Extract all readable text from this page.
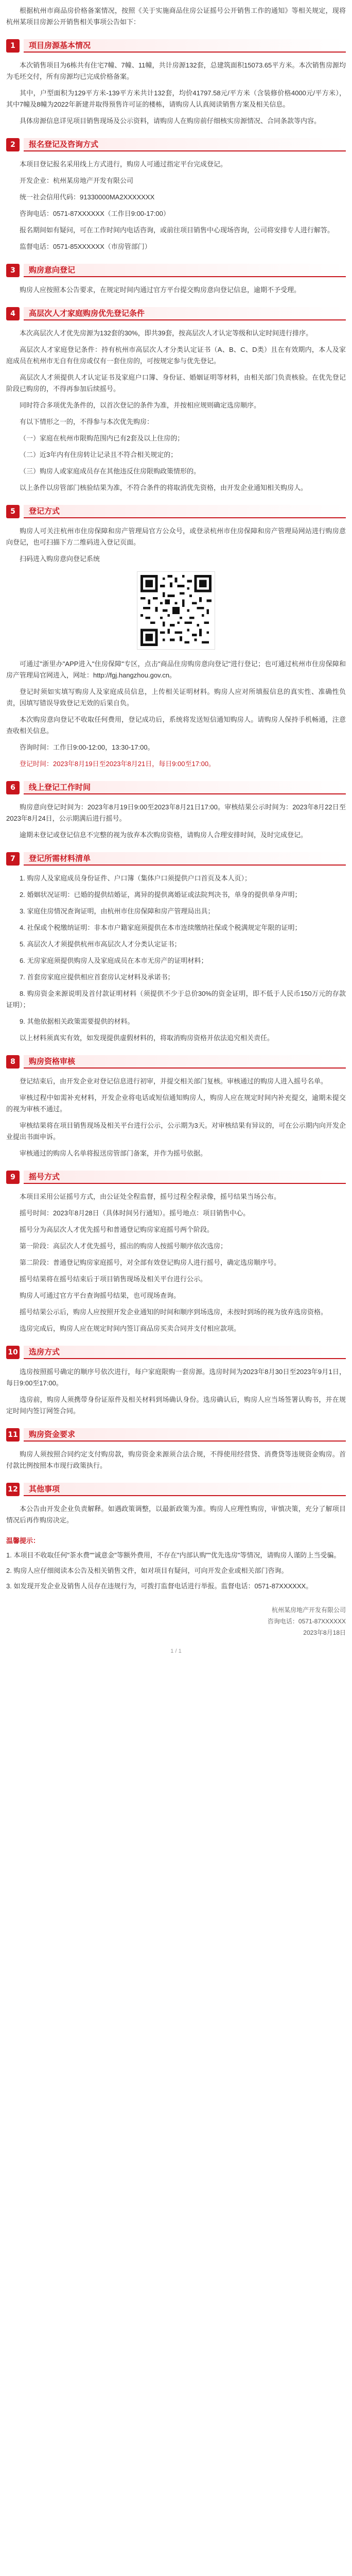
根据杭州市商品房价格备案情况，按照《关于实施商品住房公证摇号公开销售工作的通知》等相关规定，现将杭州某项目房源公开销售相关事项公告如下：

1	项目房源基本情况

本次销售项目为6栋共有住宅7幢、7幢、11幢，共计房源132套，总建筑面积15073.65平方米。本次销售房源均为毛坯交付，所有房源均已完成价格备案。

其中，户型面积为129平方米-139平方米共计132套，均价41797.58元/平方米（含装修价格4000元/平方米），其中7幢及8幢为2022年新建并取得预售许可证的楼栋，请购房人认真阅读销售方案及相关信息。

具体房源信息详见项目销售现场及公示资料，请购房人在购房前仔细核实房源情况、合同条款等内容。

2	报名登记及咨询方式

本项目登记报名采用线上方式进行，购房人可通过指定平台完成登记。

开发企业：杭州某房地产开发有限公司

统一社会信用代码：91330000MA2XXXXXXX

咨询电话：0571-87XXXXXX（工作日9:00-17:00）

报名期间如有疑问，可在工作时间内电话咨询，或前往项目销售中心现场咨询，公司将安排专人进行解答。

监督电话：0571-85XXXXXX（市房管部门）

3	购房意向登记

购房人应按照本公告要求，在规定时间内通过官方平台提交购房意向登记信息，逾期不予受理。

4	高层次人才家庭购房优先登记条件

本次高层次人才优先房源为132套的30%，即共39套，按高层次人才认定等级和认定时间进行排序。

高层次人才家庭登记条件：持有杭州市高层次人才分类认定证书（A、B、C、D类）且在有效期内，本人及家庭成员在杭州市无自有住房或仅有一套住房的，可按规定参与优先登记。

高层次人才须提供人才认定证书及家庭户口簿、身份证、婚姻证明等材料，由相关部门负责核验。在优先登记阶段已购房的，不得再参加后续摇号。

同时符合多项优先条件的，以首次登记的条件为准，并按相应规则确定选房顺序。

有以下情形之一的，不得参与本次优先购房：

（一）家庭在杭州市限购范围内已有2套及以上住房的；

（二）近3年内有住房转让记录且不符合相关规定的；

（三）购房人或家庭成员存在其他违反住房限购政策情形的。

以上条件以房管部门核验结果为准，不符合条件的将取消优先资格，由开发企业通知相关购房人。

5	登记方式

购房人可关注杭州市住房保障和房产管理局官方公众号，或登录杭州市住房保障和房产管理局网站进行购房意向登记，也可扫描下方二维码进入登记页面。

扫码进入购房意向登记系统

可通过"浙里办"APP进入"住房保障"专区，点击"商品住房购房意向登记"进行登记；也可通过杭州市住房保障和房产管理局官网进入，网址：http://fgj.hangzhou.gov.cn。

登记时须如实填写购房人及家庭成员信息，上传相关证明材料。购房人应对所填报信息的真实性、准确性负责，因填写错误导致登记无效的后果自负。

本次购房意向登记不收取任何费用，登记成功后，系统将发送短信通知购房人。请购房人保持手机畅通，注意查收相关信息。

咨询时间：工作日9:00-12:00，13:30-17:00。

登记时间：2023年8月19日至2023年8月21日，每日9:00至17:00。

6	线上登记工作时间

购房意向登记时间为：2023年8月19日9:00至2023年8月21日17:00。审核结果公示时间为：2023年8月22日至2023年8月24日，公示期满后进行摇号。

逾期未登记或登记信息不完整的视为放弃本次购房资格，请购房人合理安排时间，及时完成登记。

7	登记所需材料清单

1. 购房人及家庭成员身份证件、户口簿（集体户口须提供户口首页及本人页）；

2. 婚姻状况证明：已婚的提供结婚证，离异的提供离婚证或法院判决书，单身的提供单身声明；

3. 家庭住房情况查询证明，由杭州市住房保障和房产管理局出具；

4. 社保或个税缴纳证明：非本市户籍家庭须提供在本市连续缴纳社保或个税满规定年限的证明；

5. 高层次人才须提供杭州市高层次人才分类认定证书；

6. 无房家庭须提供购房人及家庭成员在本市无房产的证明材料；

7. 首套房家庭应提供相应首套房认定材料及承诺书；

8. 购房资金来源说明及首付款证明材料（须提供不少于总价30%的资金证明，即不低于人民币150万元的存款证明）；

9. 其他依据相关政策需要提供的材料。

以上材料须真实有效，如发现提供虚假材料的，将取消购房资格并依法追究相关责任。

8	购房资格审核

登记结束后，由开发企业对登记信息进行初审，并提交相关部门复核。审核通过的购房人进入摇号名单。

审核过程中如需补充材料，开发企业将电话或短信通知购房人，购房人应在规定时间内补充提交，逾期未提交的视为审核不通过。

审核结果将在项目销售现场及相关平台进行公示，公示期为3天。对审核结果有异议的，可在公示期内向开发企业提出书面申诉。

审核通过的购房人名单将报送房管部门备案，并作为摇号依据。

9	摇号方式

本项目采用公证摇号方式，由公证处全程监督，摇号过程全程录像，摇号结果当场公布。

摇号时间：2023年8月28日（具体时间另行通知）。摇号地点：项目销售中心。

摇号分为高层次人才优先摇号和普通登记购房家庭摇号两个阶段。

第一阶段：高层次人才优先摇号，摇出的购房人按摇号顺序依次选房；

第二阶段：普通登记购房家庭摇号，对全部有效登记购房人进行摇号，确定选房顺序号。

摇号结果将在摇号结束后于项目销售现场及相关平台进行公示。

购房人可通过官方平台查询摇号结果，也可现场查询。

摇号结果公示后，购房人应按照开发企业通知的时间和顺序到场选房，未按时到场的视为放弃选房资格。

选房完成后，购房人应在规定时间内签订商品房买卖合同并支付相应款项。

10	选房方式

选房按照摇号确定的顺序号依次进行，每户家庭限购一套房源。选房时间为2023年8月30日至2023年9月1日，每日9:00至17:00。

选房前，购房人须携带身份证原件及相关材料到场确认身份。选房确认后，购房人应当场签署认购书，并在规定时间内签订网签合同。

11	购房资金要求

购房人须按照合同约定支付购房款，购房资金来源须合法合规，不得使用经营贷、消费贷等违规资金购房。首付款比例按照本市现行政策执行。

12	其他事项

本公告由开发企业负责解释。如遇政策调整，以最新政策为准。购房人应理性购房，审慎决策，充分了解项目情况后再作购房决定。

温馨提示：

1. 本项目不收取任何"茶水费""诚意金"等额外费用，不存在"内部认购""优先选房"等情况，请购房人谨防上当受骗。

2. 购房人应仔细阅读本公告及相关销售文件，如对项目有疑问，可向开发企业或相关部门咨询。

3. 如发现开发企业及销售人员存在违规行为，可拨打监督电话进行举报。监督电话：0571-87XXXXXX。

杭州某房地产开发有限公司
咨询电话：0571-87XXXXXX
2023年8月18日
1 / 1
